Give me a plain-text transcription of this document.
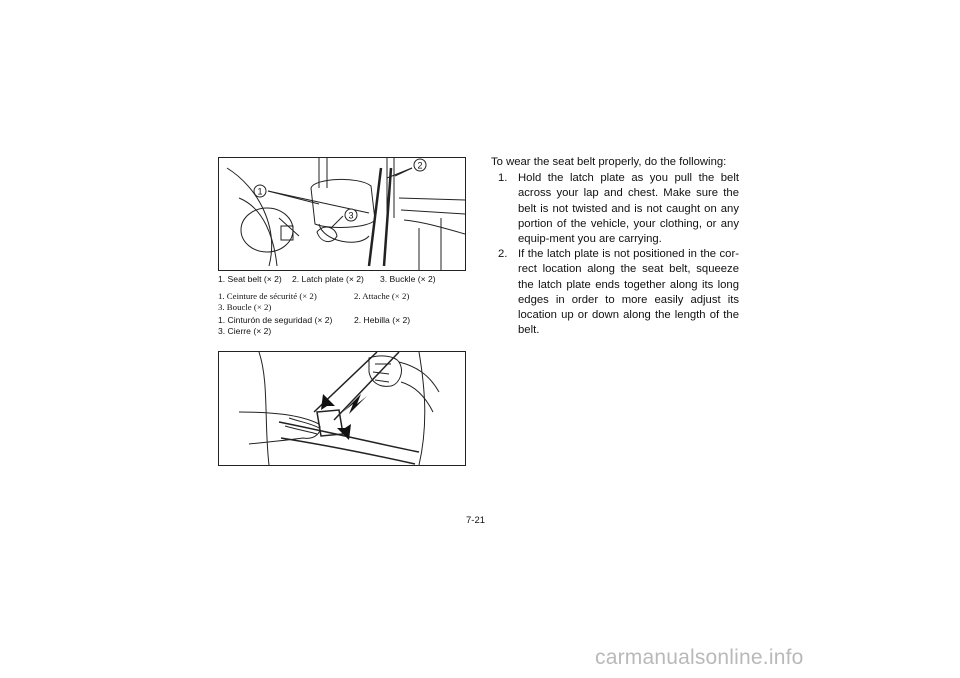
1
2
3
1. Seat belt (× 2) 2. Latch plate (× 2) 3. Buckle (× 2)
1. Ceinture de sécurité (× 2)	2. Attache (× 2)
3. Boucle (× 2)
1. Cinturón de seguridad (× 2)	2. Hebilla (× 2)
3. Cierre (× 2)

To wear the seat belt properly, do the following:

1. Hold the latch plate as you pull the belt across your lap and chest. Make sure the belt is not twisted and is not caught on any portion of the vehicle, your clothing, or any equip-ment you are carrying.
2. If the latch plate is not positioned in the cor-rect location along the seat belt, squeeze the latch plate ends together along its long edges in order to more easily adjust its location up or down along the length of the belt.
7-21
carmanualsonline.info
